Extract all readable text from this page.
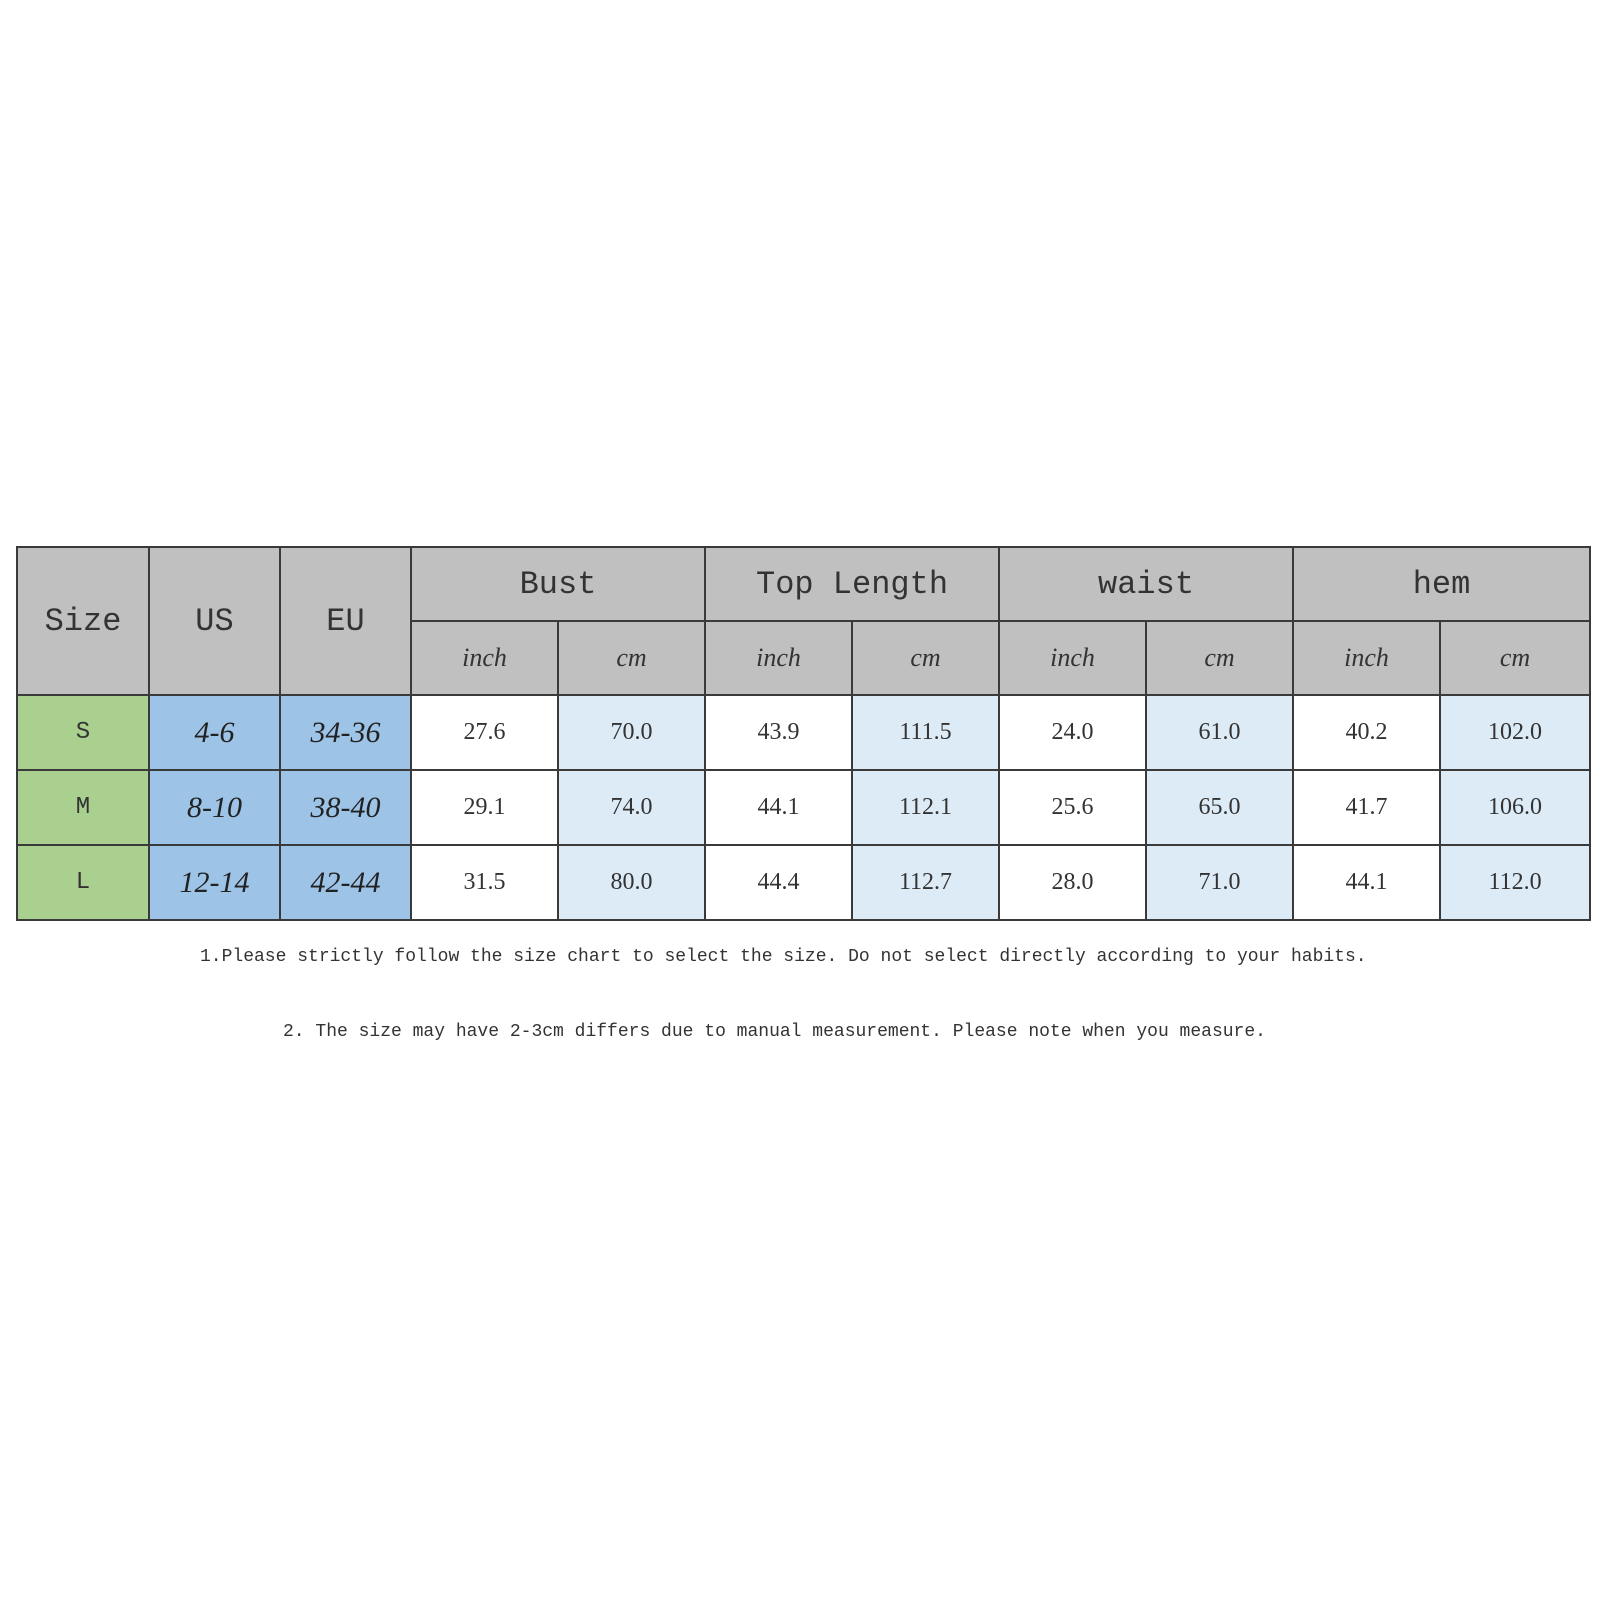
Size	US	EU	Bust		Top Length		waist		hem	
			inch	cm	inch	cm	inch	cm	inch	cm
S	4-6	34-36	27.6	70.0	43.9	111.5	24.0	61.0	40.2	102.0
M	8-10	38-40	29.1	74.0	44.1	112.1	25.6	65.0	41.7	106.0
L	12-14	42-44	31.5	80.0	44.4	112.7	28.0	71.0	44.1	112.0
1.Please strictly follow the size chart to select the size. Do not select directly according to your habits.
2. The size may have 2-3cm differs due to manual measurement. Please note when you measure.
